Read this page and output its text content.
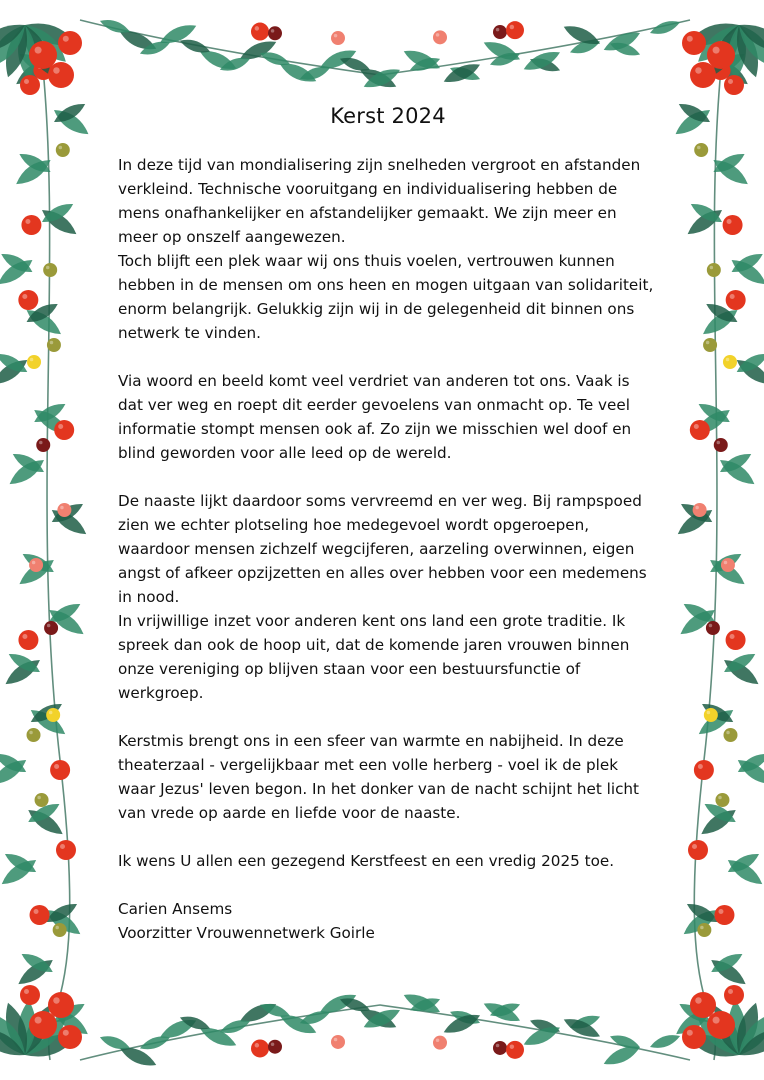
Kerst 2024

In deze tijd van mondialisering zijn snelheden vergroot en afstanden verkleind. Technische vooruitgang en individualisering hebben de mens onafhankelijker en afstandelijker gemaakt. We zijn meer en meer op onszelf aangewezen.

Toch blijft een plek waar wij ons thuis voelen, vertrouwen kunnen hebben in de mensen om ons heen en mogen uitgaan van solidariteit, enorm belangrijk. Gelukkig zijn wij in de gelegenheid dit binnen ons netwerk te vinden.

Via woord en beeld komt veel verdriet van anderen tot ons. Vaak is dat ver weg en roept dit eerder gevoelens van onmacht op. Te veel informatie stompt mensen ook af. Zo zijn we misschien wel doof en blind geworden voor alle leed op de wereld.

De naaste lijkt daardoor soms vervreemd en ver weg. Bij rampspoed zien we echter plotseling hoe medegevoel wordt opgeroepen, waardoor mensen zichzelf wegcijferen, aarzeling overwinnen, eigen angst of afkeer opzijzetten en alles over hebben voor een medemens in nood.

In vrijwillige inzet voor anderen kent ons land een grote traditie. Ik spreek dan ook de hoop uit, dat de komende jaren vrouwen binnen onze vereniging op blijven staan voor een bestuursfunctie of werkgroep.

Kerstmis brengt ons in een sfeer van warmte en nabijheid. In deze theaterzaal - vergelijkbaar met een volle herberg - voel ik de plek waar Jezus' leven begon. In het donker van de nacht schijnt het licht van vrede op aarde en liefde voor de naaste.

Ik wens U allen een gezegend Kerstfeest en een vredig 2025 toe.

Carien Ansems

Voorzitter Vrouwennetwerk Goirle
